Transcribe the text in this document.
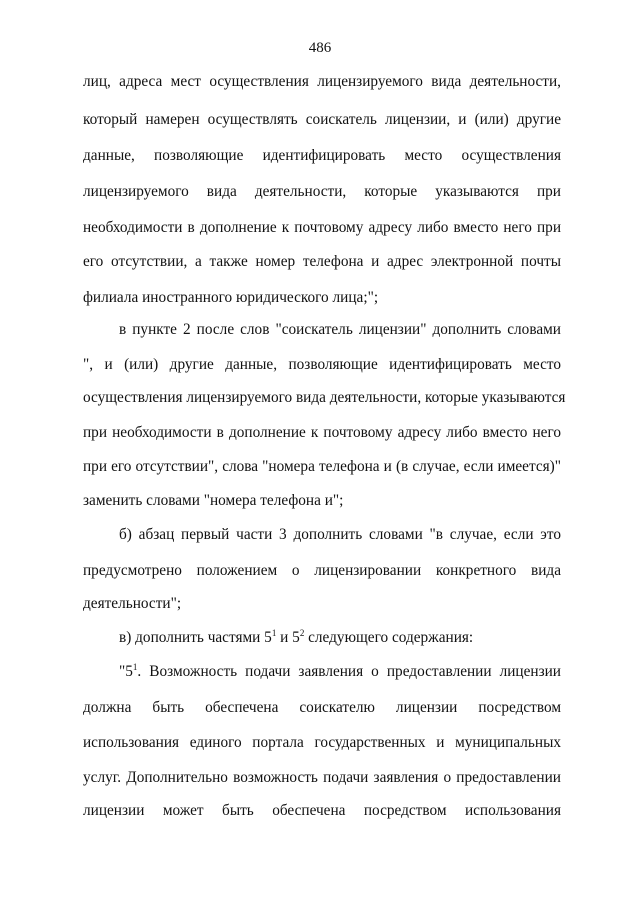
486
лиц, адреса мест осуществления лицензируемого вида деятельности,
который намерен осуществлять соискатель лицензии, и (или) другие
данные, позволяющие идентифицировать место осуществления
лицензируемого вида деятельности, которые указываются при
необходимости в дополнение к почтовому адресу либо вместо него при
его отсутствии, а также номер телефона и адрес электронной почты
филиала иностранного юридического лица;";
в пункте 2 после слов "соискатель лицензии" дополнить словами
", и (или) другие данные, позволяющие идентифицировать место
осуществления лицензируемого вида деятельности, которые указываются
при необходимости в дополнение к почтовому адресу либо вместо него
при его отсутствии", слова "номера телефона и (в случае, если имеется)"
заменить словами "номера телефона и";
б) абзац первый части 3 дополнить словами "в случае, если это
предусмотрено положением о лицензировании конкретного вида
деятельности";
в) дополнить частями $5^1$ и $5^2$ следующего содержания:
"$5^1$. Возможность подачи заявления о предоставлении лицензии
должна быть обеспечена соискателю лицензии посредством
использования единого портала государственных и муниципальных
услуг. Дополнительно возможность подачи заявления о предоставлении
лицензии может быть обеспечена посредством использования
